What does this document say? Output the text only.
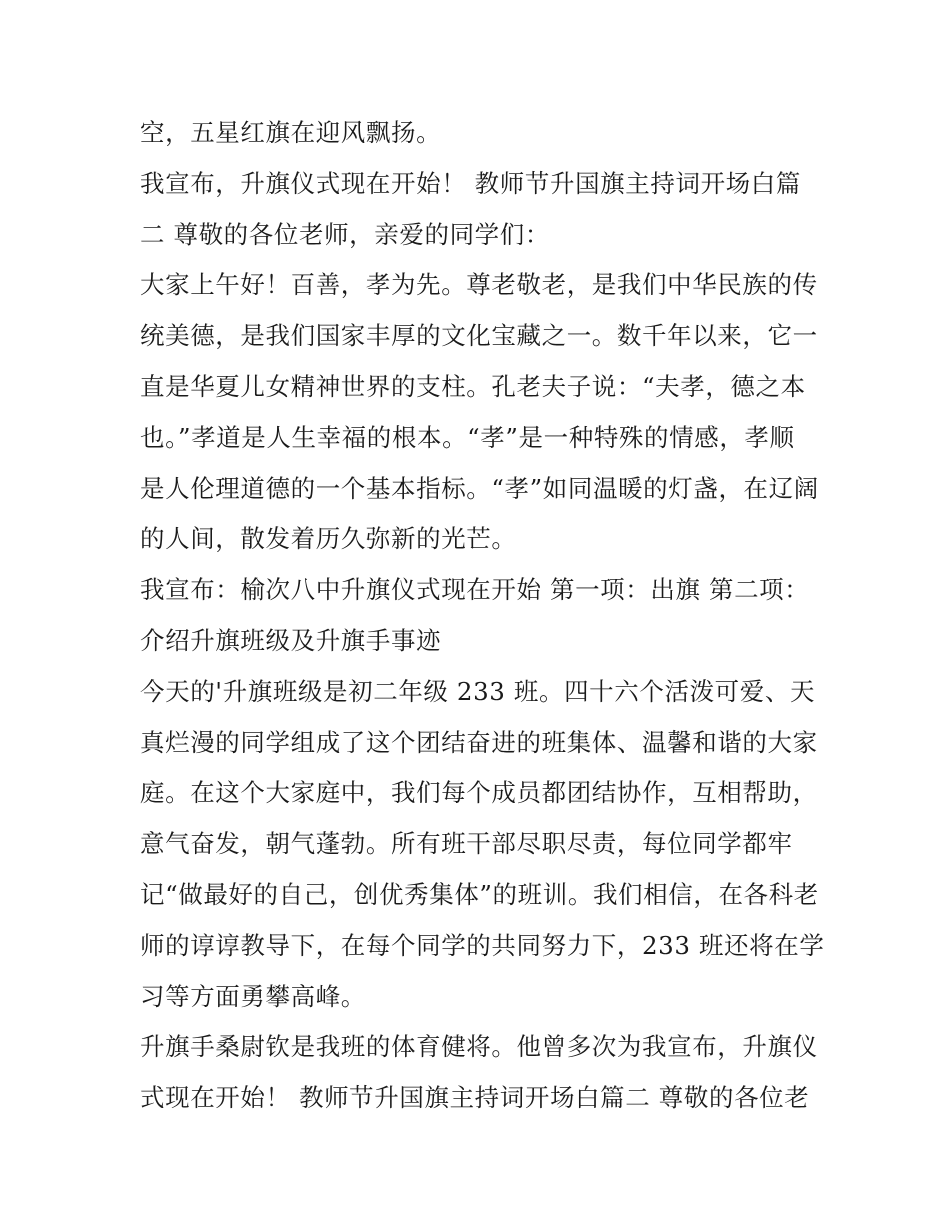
空，五星红旗在迎风飘扬。
我宣布，升旗仪式现在开始！ 教师节升国旗主持词开场白篇
二 尊敬的各位老师，亲爱的同学们：
大家上午好！百善，孝为先。尊老敬老，是我们中华民族的传
统美德，是我们国家丰厚的文化宝藏之一。数千年以来，它一
直是华夏儿女精神世界的支柱。孔老夫子说：“夫孝，德之本
也。”孝道是人生幸福的根本。“孝”是一种特殊的情感，孝顺
是人伦理道德的一个基本指标。“孝”如同温暖的灯盏，在辽阔
的人间，散发着历久弥新的光芒。
我宣布：榆次八中升旗仪式现在开始 第一项：出旗 第二项：
介绍升旗班级及升旗手事迹
今天的'升旗班级是初二年级 233 班。四十六个活泼可爱、天
真烂漫的同学组成了这个团结奋进的班集体、温馨和谐的大家
庭。在这个大家庭中，我们每个成员都团结协作，互相帮助，
意气奋发，朝气蓬勃。所有班干部尽职尽责，每位同学都牢
记“做最好的自己，创优秀集体”的班训。我们相信，在各科老
师的谆谆教导下，在每个同学的共同努力下，233 班还将在学
习等方面勇攀高峰。
升旗手桑尉钦是我班的体育健将。他曾多次为我宣布，升旗仪
式现在开始！ 教师节升国旗主持词开场白篇二 尊敬的各位老
